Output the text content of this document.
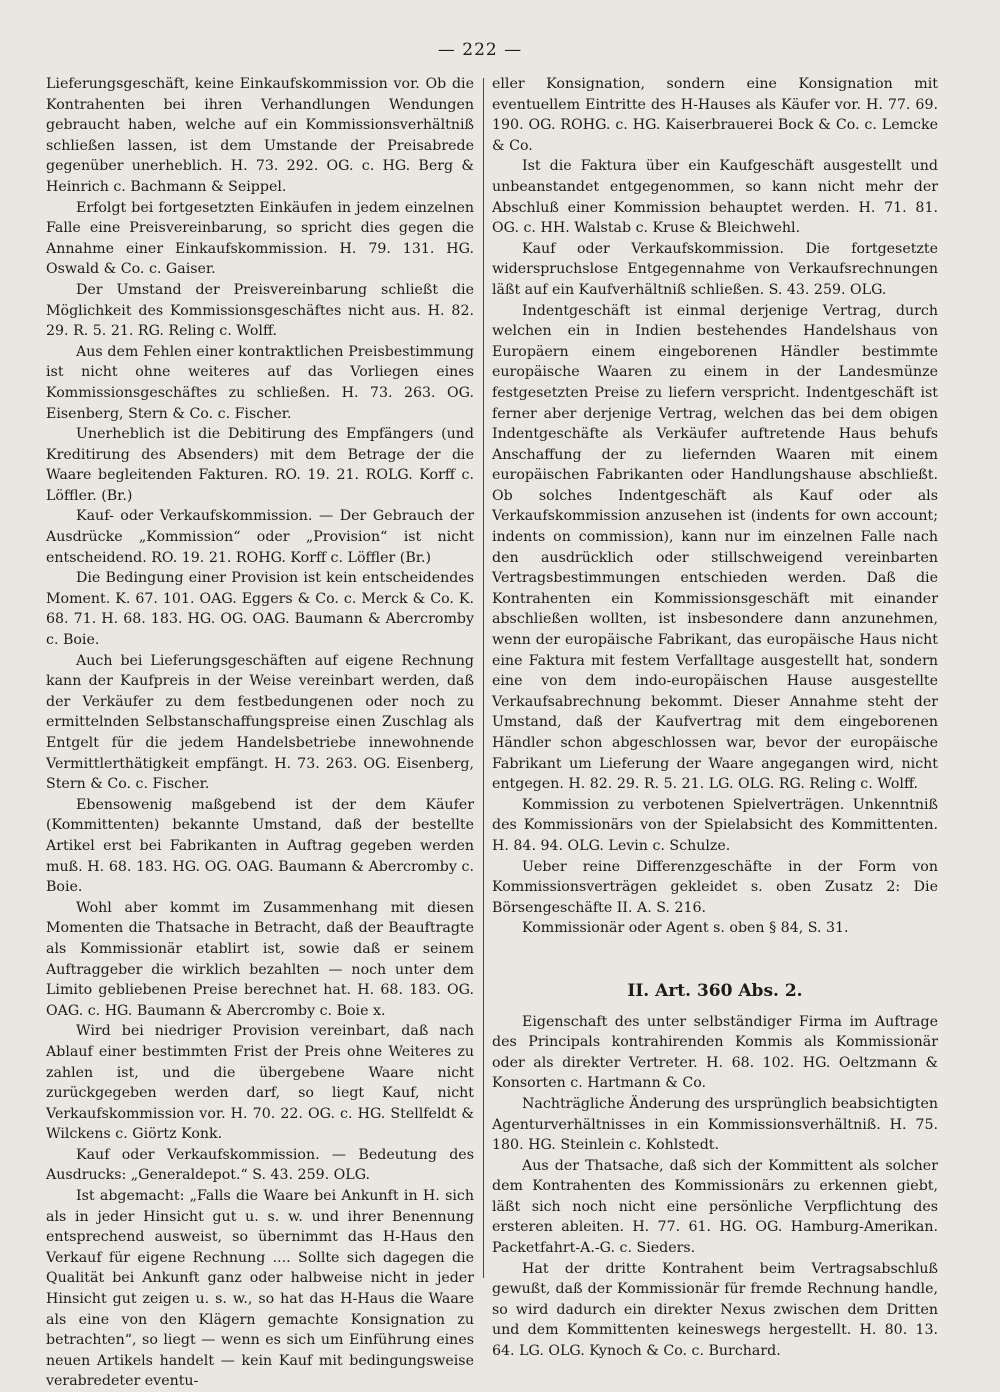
— 222 —

Lieferungsgeschäft, keine Einkaufskommission vor. Ob die Kontrahenten bei ihren Verhandlungen Wendungen gebraucht haben, welche auf ein Kommissionsverhältniß schließen lassen, ist dem Umstande der Preisabrede gegenüber unerheblich. H. 73. 292. OG. c. HG. Berg & Heinrich c. Bachmann & Seippel.

Erfolgt bei fortgesetzten Einkäufen in jedem einzelnen Falle eine Preisvereinbarung, so spricht dies gegen die Annahme einer Einkaufskommission. H. 79. 131. HG. Oswald & Co. c. Gaiser.

Der Umstand der Preisvereinbarung schließt die Möglichkeit des Kommissionsgeschäftes nicht aus. H. 82. 29. R. 5. 21. RG. Reling c. Wolff.

Aus dem Fehlen einer kontraktlichen Preisbestimmung ist nicht ohne weiteres auf das Vorliegen eines Kommissionsgeschäftes zu schließen. H. 73. 263. OG. Eisenberg, Stern & Co. c. Fischer.

Unerheblich ist die Debitirung des Empfängers (und Kreditirung des Absenders) mit dem Betrage der die Waare begleitenden Fakturen. RO. 19. 21. ROLG. Korff c. Löffler. (Br.)

Kauf- oder Verkaufskommission. — Der Gebrauch der Ausdrücke „Kommission“ oder „Provision“ ist nicht entscheidend. RO. 19. 21. ROHG. Korff c. Löffler (Br.)

Die Bedingung einer Provision ist kein entscheidendes Moment. K. 67. 101. OAG. Eggers & Co. c. Merck & Co. K. 68. 71. H. 68. 183. HG. OG. OAG. Baumann & Abercromby c. Boie.

Auch bei Lieferungsgeschäften auf eigene Rechnung kann der Kaufpreis in der Weise vereinbart werden, daß der Verkäufer zu dem festbedungenen oder noch zu ermittelnden Selbstanschaffungspreise einen Zuschlag als Entgelt für die jedem Handelsbetriebe innewohnende Vermittlerthätigkeit empfängt. H. 73. 263. OG. Eisenberg, Stern & Co. c. Fischer.

Ebensowenig maßgebend ist der dem Käufer (Kommittenten) bekannte Umstand, daß der bestellte Artikel erst bei Fabrikanten in Auftrag gegeben werden muß. H. 68. 183. HG. OG. OAG. Baumann & Abercromby c. Boie.

Wohl aber kommt im Zusammenhang mit diesen Momenten die Thatsache in Betracht, daß der Beauftragte als Kommissionär etablirt ist, sowie daß er seinem Auftraggeber die wirklich bezahlten — noch unter dem Limito gebliebenen Preise berechnet hat. H. 68. 183. OG. OAG. c. HG. Baumann & Abercromby c. Boie x.

Wird bei niedriger Provision vereinbart, daß nach Ablauf einer bestimmten Frist der Preis ohne Weiteres zu zahlen ist, und die übergebene Waare nicht zurückgegeben werden darf, so liegt Kauf, nicht Verkaufskommission vor. H. 70. 22. OG. c. HG. Stellfeldt & Wilckens c. Giörtz Konk.

Kauf oder Verkaufskommission. — Bedeutung des Ausdrucks: „Generaldepot.“ S. 43. 259. OLG.

Ist abgemacht: „Falls die Waare bei Ankunft in H. sich als in jeder Hinsicht gut u. s. w. und ihrer Benennung entsprechend ausweist, so übernimmt das H-Haus den Verkauf für eigene Rechnung .... Sollte sich dagegen die Qualität bei Ankunft ganz oder halbweise nicht in jeder Hinsicht gut zeigen u. s. w., so hat das H-Haus die Waare als eine von den Klägern gemachte Konsignation zu betrachten“, so liegt — wenn es sich um Einführung eines neuen Artikels handelt — kein Kauf mit bedingungsweise verabredeter eventu-

eller Konsignation, sondern eine Konsignation mit eventuellem Eintritte des H-Hauses als Käufer vor. H. 77. 69. 190. OG. ROHG. c. HG. Kaiserbrauerei Bock & Co. c. Lemcke & Co.

Ist die Faktura über ein Kaufgeschäft ausgestellt und unbeanstandet entgegenommen, so kann nicht mehr der Abschluß einer Kommission behauptet werden. H. 71. 81. OG. c. HH. Walstab c. Kruse & Bleichwehl.

Kauf oder Verkaufskommission. Die fortgesetzte widerspruchslose Entgegennahme von Verkaufsrechnungen läßt auf ein Kaufverhältniß schließen. S. 43. 259. OLG.

Indentgeschäft ist einmal derjenige Vertrag, durch welchen ein in Indien bestehendes Handelshaus von Europäern einem eingeborenen Händler bestimmte europäische Waaren zu einem in der Landesmünze festgesetzten Preise zu liefern verspricht. Indentgeschäft ist ferner aber derjenige Vertrag, welchen das bei dem obigen Indentgeschäfte als Verkäufer auftretende Haus behufs Anschaffung der zu liefernden Waaren mit einem europäischen Fabrikanten oder Handlungshause abschließt. Ob solches Indentgeschäft als Kauf oder als Verkaufskommission anzusehen ist (indents for own account; indents on commission), kann nur im einzelnen Falle nach den ausdrücklich oder stillschweigend vereinbarten Vertragsbestimmungen entschieden werden. Daß die Kontrahenten ein Kommissionsgeschäft mit einander abschließen wollten, ist insbesondere dann anzunehmen, wenn der europäische Fabrikant, das europäische Haus nicht eine Faktura mit festem Verfalltage ausgestellt hat, sondern eine von dem indo-europäischen Hause ausgestellte Verkaufsabrechnung bekommt. Dieser Annahme steht der Umstand, daß der Kaufvertrag mit dem eingeborenen Händler schon abgeschlossen war, bevor der europäische Fabrikant um Lieferung der Waare angegangen wird, nicht entgegen. H. 82. 29. R. 5. 21. LG. OLG. RG. Reling c. Wolff.

Kommission zu verbotenen Spielverträgen. Unkenntniß des Kommissionärs von der Spielabsicht des Kommittenten. H. 84. 94. OLG. Levin c. Schulze.

Ueber reine Differenzgeschäfte in der Form von Kommissionsverträgen gekleidet s. oben Zusatz 2: Die Börsengeschäfte II. A. S. 216.

Kommissionär oder Agent s. oben § 84, S. 31.

II. Art. 360 Abs. 2.

Eigenschaft des unter selbständiger Firma im Auftrage des Principals kontrahirenden Kommis als Kommissionär oder als direkter Vertreter. H. 68. 102. HG. Oeltzmann & Konsorten c. Hartmann & Co.

Nachträgliche Änderung des ursprünglich beabsichtigten Agenturverhältnisses in ein Kommissionsverhältniß. H. 75. 180. HG. Steinlein c. Kohlstedt.

Aus der Thatsache, daß sich der Kommittent als solcher dem Kontrahenten des Kommissionärs zu erkennen giebt, läßt sich noch nicht eine persönliche Verpflichtung des ersteren ableiten. H. 77. 61. HG. OG. Hamburg-Amerikan. Packetfahrt-A.-G. c. Sieders.

Hat der dritte Kontrahent beim Vertragsabschluß gewußt, daß der Kommissionär für fremde Rechnung handle, so wird dadurch ein direkter Nexus zwischen dem Dritten und dem Kommittenten keineswegs hergestellt. H. 80. 13. 64. LG. OLG. Kynoch & Co. c. Burchard.
